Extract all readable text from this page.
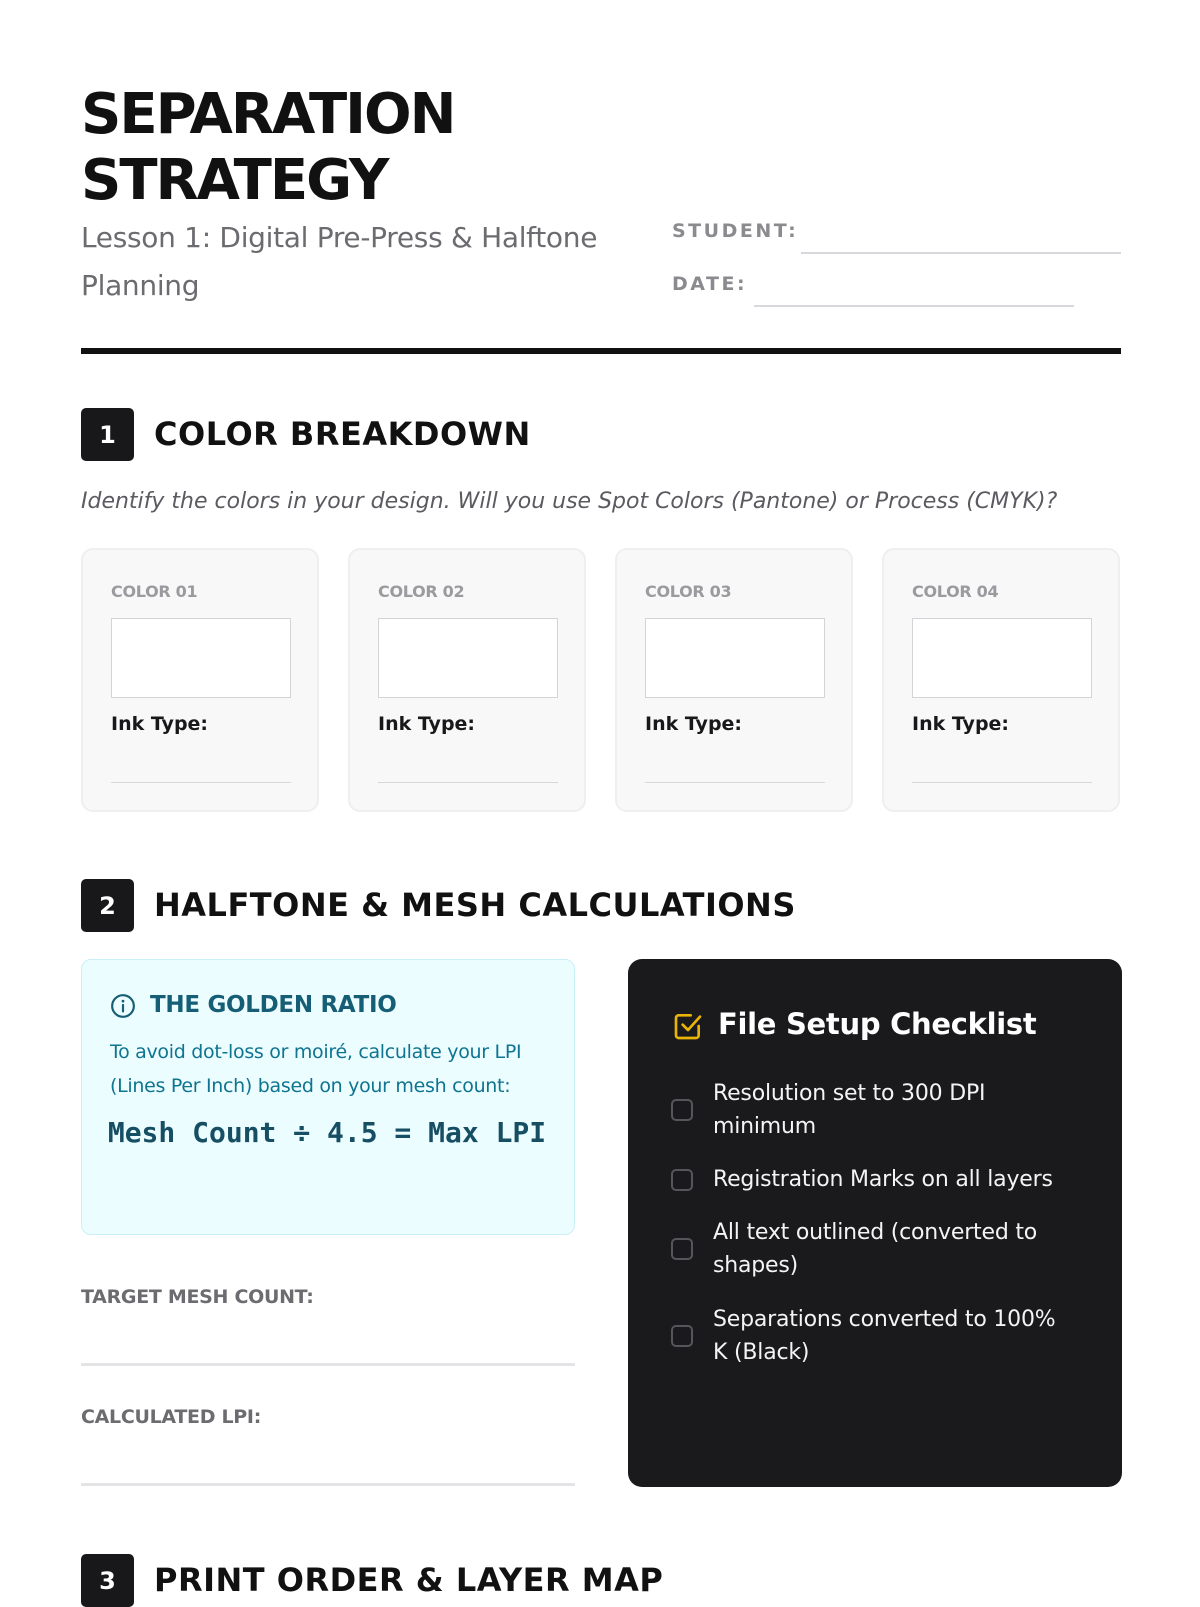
SEPARATION
STRATEGY

Lesson 1: Digital Pre-Press & Halftone Planning

STUDENT:
DATE:
1	COLOR BREAKDOWN

Identify the colors in your design. Will you use Spot Colors (Pantone) or Process (CMYK)?

COLOR 01
Ink Type:
COLOR 02
Ink Type:
COLOR 03
Ink Type:
COLOR 04
Ink Type:
2	HALFTONE & MESH CALCULATIONS
THE GOLDEN RATIO

To avoid dot-loss or moiré, calculate your LPI (Lines Per Inch) based on your mesh count:

Mesh Count ÷ 4.5 = Max LPI

TARGET MESH COUNT:
CALCULATED LPI:
File Setup Checklist
Resolution set to 300 DPI minimum
Registration Marks on all layers
All text outlined (converted to shapes)
Separations converted to 100% K (Black)
3	PRINT ORDER & LAYER MAP
